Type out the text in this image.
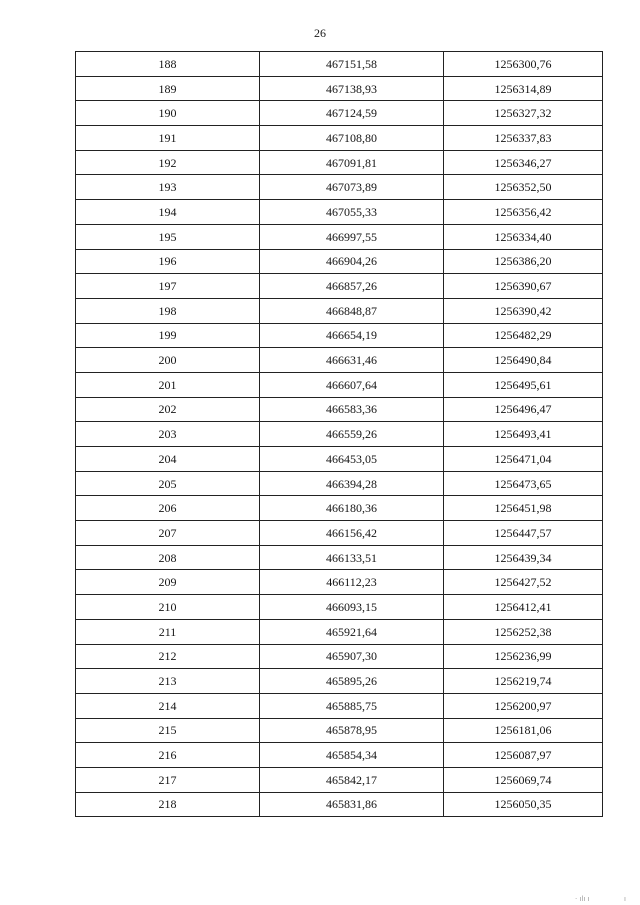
26
188	467151,58	1256300,76
189	467138,93	1256314,89
190	467124,59	1256327,32
191	467108,80	1256337,83
192	467091,81	1256346,27
193	467073,89	1256352,50
194	467055,33	1256356,42
195	466997,55	1256334,40
196	466904,26	1256386,20
197	466857,26	1256390,67
198	466848,87	1256390,42
199	466654,19	1256482,29
200	466631,46	1256490,84
201	466607,64	1256495,61
202	466583,36	1256496,47
203	466559,26	1256493,41
204	466453,05	1256471,04
205	466394,28	1256473,65
206	466180,36	1256451,98
207	466156,42	1256447,57
208	466133,51	1256439,34
209	466112,23	1256427,52
210	466093,15	1256412,41
211	465921,64	1256252,38
212	465907,30	1256236,99
213	465895,26	1256219,74
214	465885,75	1256200,97
215	465878,95	1256181,06
216	465854,34	1256087,97
217	465842,17	1256069,74
218	465831,86	1256050,35
· ılı ı	ı
